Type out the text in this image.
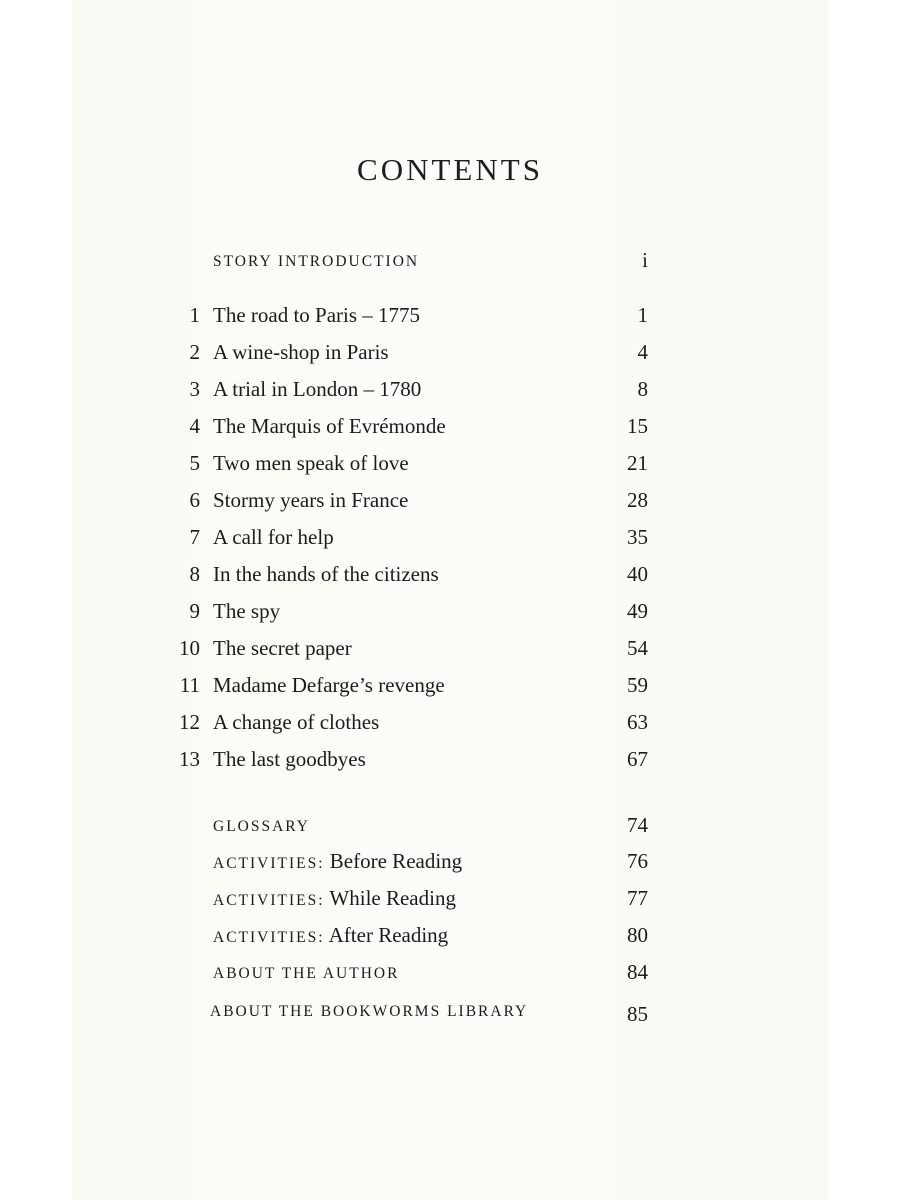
CONTENTS
STORY INTRODUCTION	i
1 The road to Paris – 1775	1
2 A wine-shop in Paris	4
3 A trial in London – 1780	8
4 The Marquis of Evrémonde	15
5 Two men speak of love	21
6 Stormy years in France	28
7 A call for help	35
8 In the hands of the citizens	40
9 The spy	49
10 The secret paper	54
11 Madame Defarge’s revenge	59
12 A change of clothes	63
13 The last goodbyes	67
GLOSSARY	74
ACTIVITIES: Before Reading	76
ACTIVITIES: While Reading	77
ACTIVITIES: After Reading	80
ABOUT THE AUTHOR	84
ABOUT THE BOOKWORMS LIBRARY	85
